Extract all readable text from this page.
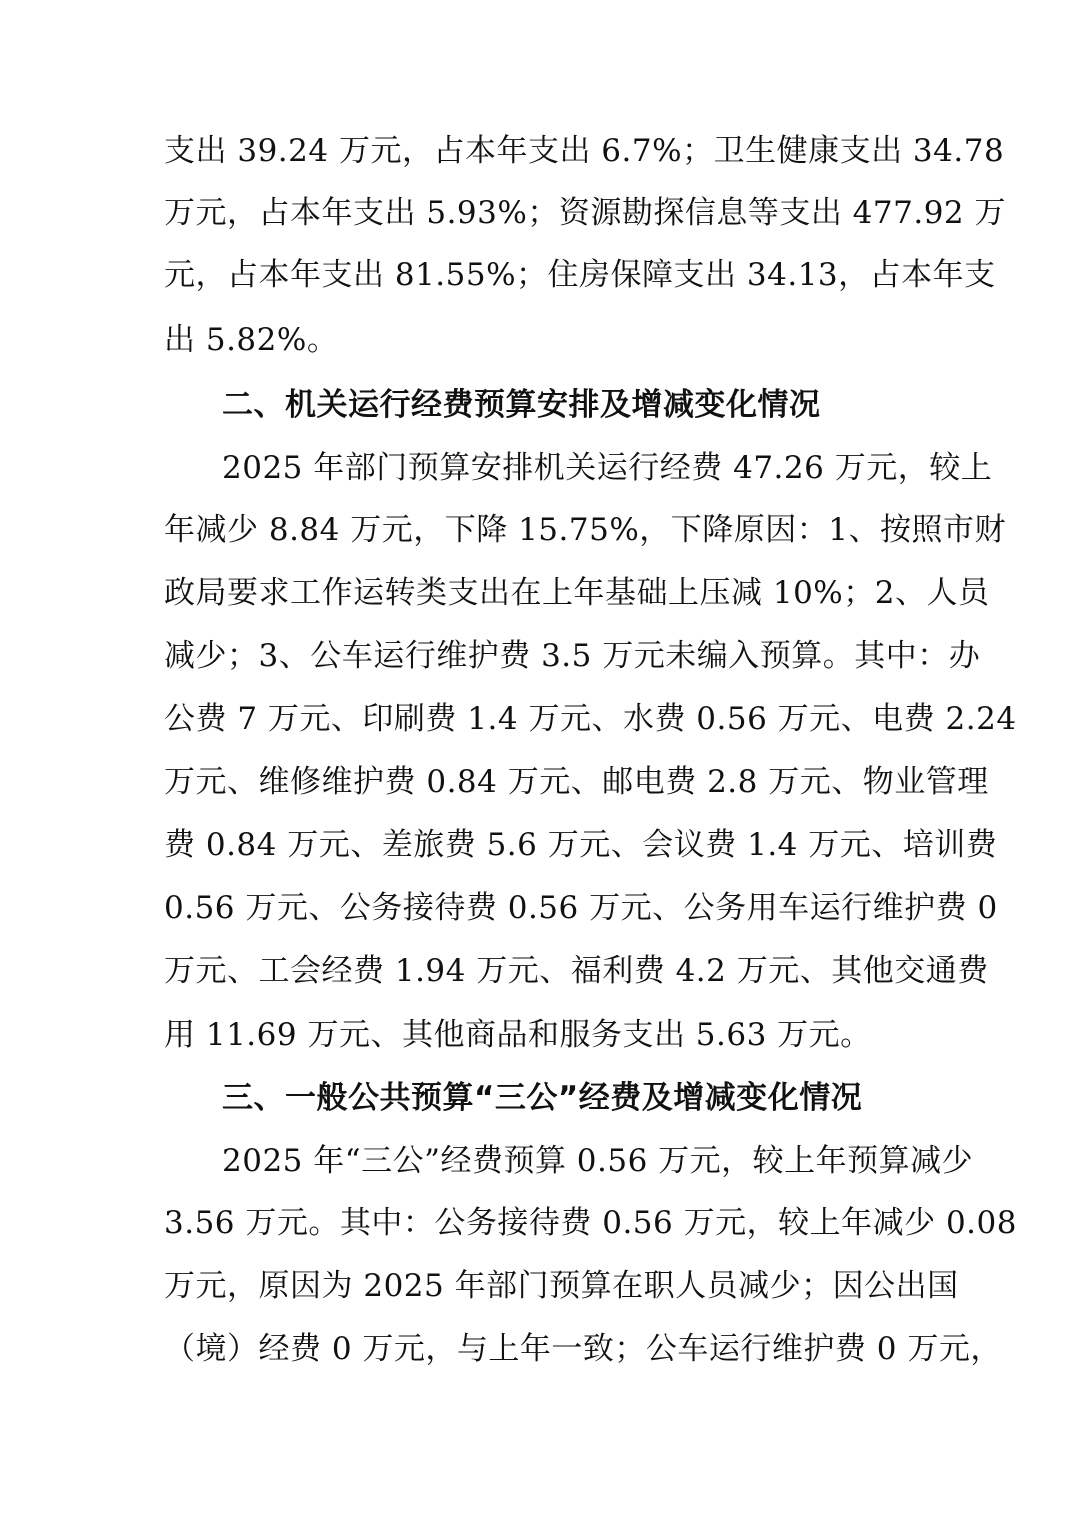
支出 39.24 万元，占本年支出 6.7%；卫生健康支出 34.78
万元，占本年支出 5.93%；资源勘探信息等支出 477.92 万
元，占本年支出 81.55%；住房保障支出 34.13，占本年支
出 5.82%。
二、机关运行经费预算安排及增减变化情况
2025 年部门预算安排机关运行经费 47.26 万元，较上
年减少 8.84 万元，下降 15.75%，下降原因：1、按照市财
政局要求工作运转类支出在上年基础上压减 10%；2、人员
减少；3、公车运行维护费 3.5 万元未编入预算。其中：办
公费 7 万元、印刷费 1.4 万元、水费 0.56 万元、电费 2.24
万元、维修维护费 0.84 万元、邮电费 2.8 万元、物业管理
费 0.84 万元、差旅费 5.6 万元、会议费 1.4 万元、培训费
0.56 万元、公务接待费 0.56 万元、公务用车运行维护费 0
万元、工会经费 1.94 万元、福利费 4.2 万元、其他交通费
用 11.69 万元、其他商品和服务支出 5.63 万元。
三、一般公共预算“三公”经费及增减变化情况
2025 年“三公”经费预算 0.56 万元，较上年预算减少
3.56 万元。其中：公务接待费 0.56 万元，较上年减少 0.08
万元，原因为 2025 年部门预算在职人员减少；因公出国
（境）经费 0 万元，与上年一致；公车运行维护费 0 万元，
